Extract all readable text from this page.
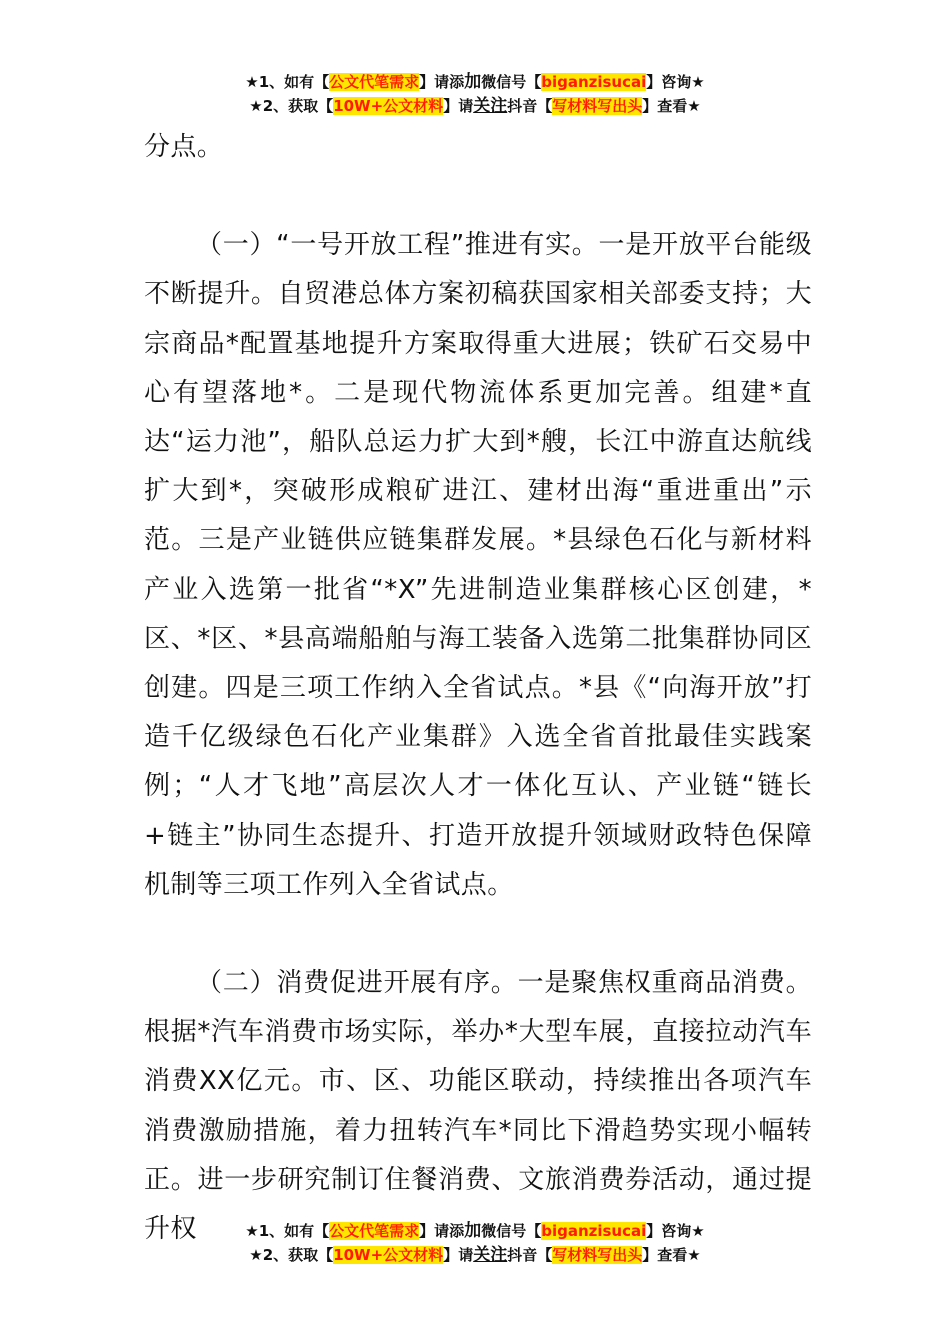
★1、如有【公文代笔需求】请添加微信号【biganzisucai】咨询★
★2、获取【10W+公文材料】请关注抖音【写材料写出头】查看★

分点。

（一）“一号开放工程”推进有实。一是开放平台能级不断提升。自贸港总体方案初稿获国家相关部委支持；大宗商品*配置基地提升方案取得重大进展；铁矿石交易中心有望落地*。二是现代物流体系更加完善。组建*直达“运力池”，船队总运力扩大到*艘，长江中游直达航线扩大到*，突破形成粮矿进江、建材出海“重进重出”示范。三是产业链供应链集群发展。*县绿色石化与新材料产业入选第一批省“*X”先进制造业集群核心区创建，*区、*区、*县高端船舶与海工装备入选第二批集群协同区创建。四是三项工作纳入全省试点。*县《“向海开放”打造千亿级绿色石化产业集群》入选全省首批最佳实践案例；“人才飞地”高层次人才一体化互认、产业链“链长+链主”协同生态提升、打造开放提升领域财政特色保障机制等三项工作列入全省试点。

（二）消费促进开展有序。一是聚焦权重商品消费。根据*汽车消费市场实际，举办*大型车展，直接拉动汽车消费XX亿元。市、区、功能区联动，持续推出各项汽车消费激励措施，着力扭转汽车*同比下滑趋势实现小幅转正。进一步研究制订住餐消费、文旅消费券活动，通过提升权	★1、如有【公文代笔需求】请添加微信号【biganzisucai】咨询★
★2、获取【10W+公文材料】请关注抖音【写材料写出头】查看★
